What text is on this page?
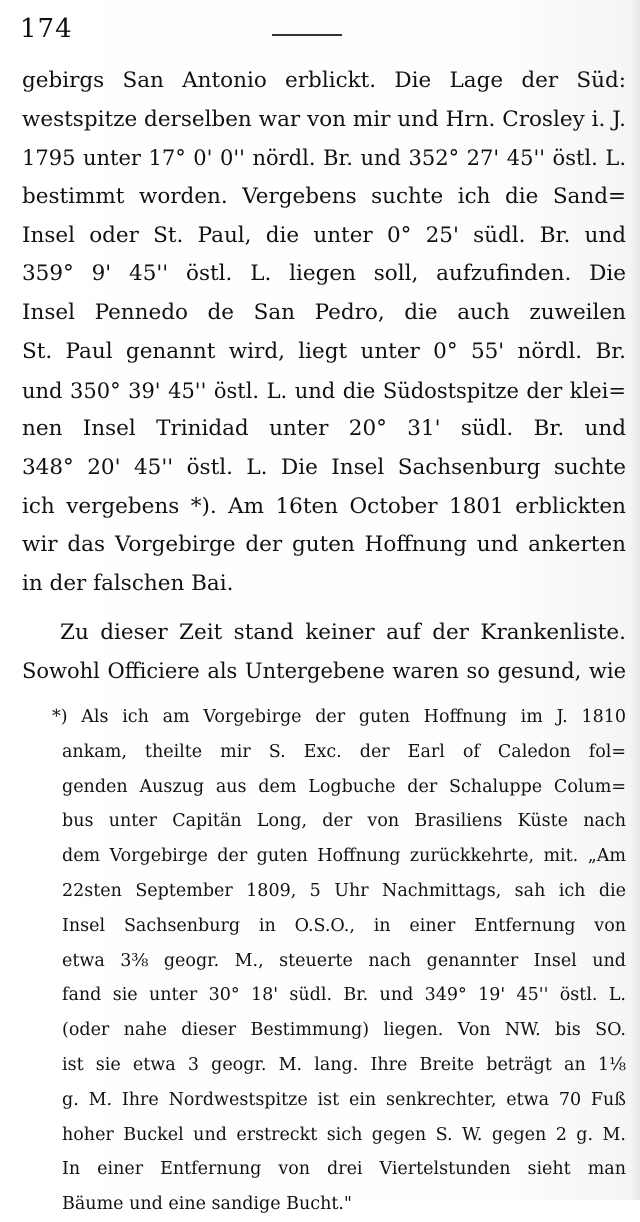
174
gebirgs San Antonio erblickt. Die Lage der Süd:
westspitze derselben war von mir und Hrn. Crosley i. J.
1795 unter 17° 0' 0'' nördl. Br. und 352° 27' 45'' östl. L.
bestimmt worden. Vergebens suchte ich die Sand=
Insel oder St. Paul, die unter 0° 25' südl. Br. und
359° 9' 45'' östl. L. liegen soll, aufzufinden. Die
Insel Pennedo de San Pedro, die auch zuweilen
St. Paul genannt wird, liegt unter 0° 55' nördl. Br.
und 350° 39' 45'' östl. L. und die Südostspitze der klei=
nen Insel Trinidad unter 20° 31' südl. Br. und
348° 20' 45'' östl. L. Die Insel Sachsenburg suchte
ich vergebens *). Am 16ten October 1801 erblickten
wir das Vorgebirge der guten Hoffnung und ankerten
in der falschen Bai.
Zu dieser Zeit stand keiner auf der Krankenliste.
Sowohl Officiere als Untergebene waren so gesund, wie
*) Als ich am Vorgebirge der guten Hoffnung im J. 1810
ankam, theilte mir S. Exc. der Earl of Caledon fol=
genden Auszug aus dem Logbuche der Schaluppe Colum=
bus unter Capitän Long, der von Brasiliens Küste nach
dem Vorgebirge der guten Hoffnung zurückkehrte, mit. „Am
22sten September 1809, 5 Uhr Nachmittags, sah ich die
Insel Sachsenburg in O.S.O., in einer Entfernung von
etwa 3⅜ geogr. M., steuerte nach genannter Insel und
fand sie unter 30° 18' südl. Br. und 349° 19' 45'' östl. L.
(oder nahe dieser Bestimmung) liegen. Von NW. bis SO.
ist sie etwa 3 geogr. M. lang. Ihre Breite beträgt an 1⅛
g. M. Ihre Nordwestspitze ist ein senkrechter, etwa 70 Fuß
hoher Buckel und erstreckt sich gegen S. W. gegen 2 g. M.
In einer Entfernung von drei Viertelstunden sieht man
Bäume und eine sandige Bucht."
